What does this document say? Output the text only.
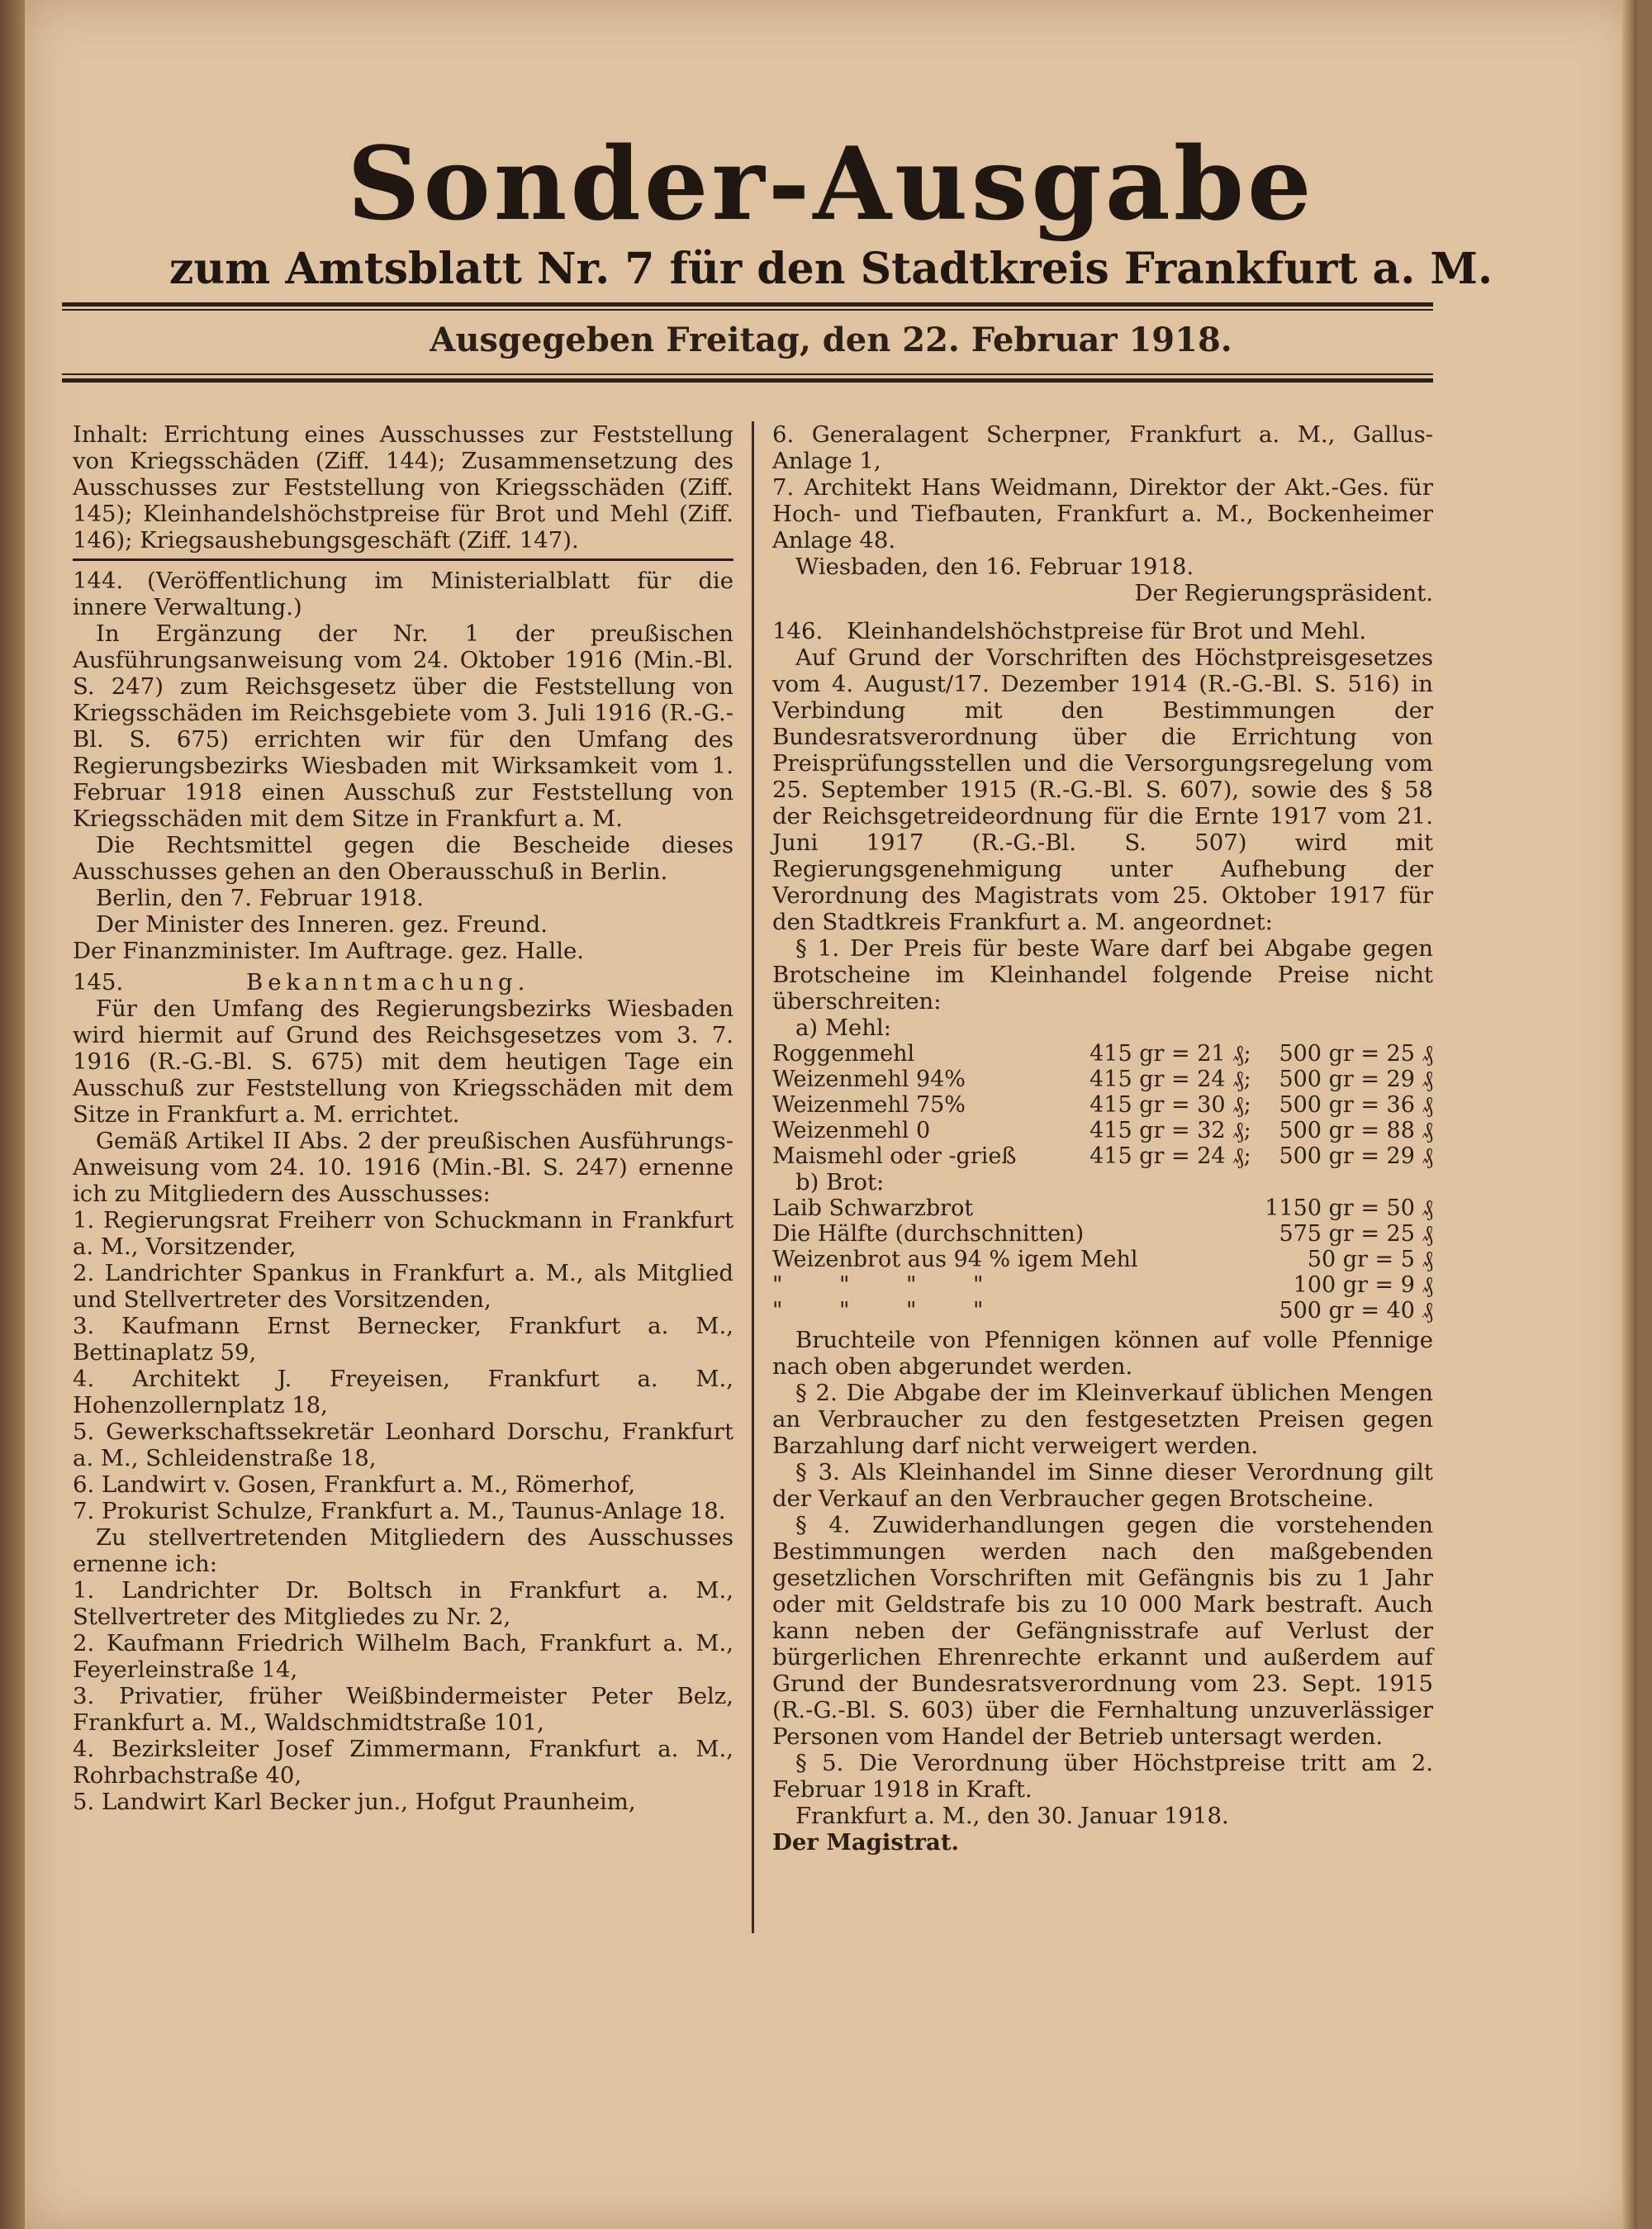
Sonder-Ausgabe
zum Amtsblatt Nr. 7 für den Stadtkreis Frankfurt a. M.
Ausgegeben Freitag, den 22. Februar 1918.

Inhalt: Errichtung eines Ausschusses zur Feststellung von Kriegsschäden (Ziff. 144); Zusammensetzung des Ausschusses zur Feststellung von Kriegsschäden (Ziff. 145); Kleinhandelshöchstpreise für Brot und Mehl (Ziff. 146); Kriegsaushebungsgeschäft (Ziff. 147).

144. (Veröffentlichung im Ministerialblatt für die innere Verwaltung.)

In Ergänzung der Nr. 1 der preußischen Ausführungsanweisung vom 24. Oktober 1916 (Min.-Bl. S. 247) zum Reichsgesetz über die Feststellung von Kriegsschäden im Reichsgebiete vom 3. Juli 1916 (R.-G.-Bl. S. 675) errichten wir für den Umfang des Regierungsbezirks Wiesbaden mit Wirksamkeit vom 1. Februar 1918 einen Ausschuß zur Feststellung von Kriegsschäden mit dem Sitze in Frankfurt a. M.

Die Rechtsmittel gegen die Bescheide dieses Ausschusses gehen an den Oberausschuß in Berlin.

Berlin, den 7. Februar 1918.

Der Minister des Inneren. gez. Freund.

Der Finanzminister. Im Auftrage. gez. Halle.

145.	Bekanntmachung.

Für den Umfang des Regierungsbezirks Wiesbaden wird hiermit auf Grund des Reichsgesetzes vom 3. 7. 1916 (R.-G.-Bl. S. 675) mit dem heutigen Tage ein Ausschuß zur Feststellung von Kriegsschäden mit dem Sitze in Frankfurt a. M. errichtet.

Gemäß Artikel II Abs. 2 der preußischen Ausführungs-Anweisung vom 24. 10. 1916 (Min.-Bl. S. 247) ernenne ich zu Mitgliedern des Ausschusses:

1. Regierungsrat Freiherr von Schuckmann in Frankfurt a. M., Vorsitzender,

2. Landrichter Spankus in Frankfurt a. M., als Mitglied und Stellvertreter des Vorsitzenden,

3. Kaufmann Ernst Bernecker, Frankfurt a. M., Bettinaplatz 59,

4. Architekt J. Freyeisen, Frankfurt a. M., Hohenzollernplatz 18,

5. Gewerkschaftssekretär Leonhard Dorschu, Frankfurt a. M., Schleidenstraße 18,

6. Landwirt v. Gosen, Frankfurt a. M., Römerhof,

7. Prokurist Schulze, Frankfurt a. M., Taunus-Anlage 18.

Zu stellvertretenden Mitgliedern des Ausschusses ernenne ich:

1. Landrichter Dr. Boltsch in Frankfurt a. M., Stellvertreter des Mitgliedes zu Nr. 2,

2. Kaufmann Friedrich Wilhelm Bach, Frankfurt a. M., Feyerleinstraße 14,

3. Privatier, früher Weißbindermeister Peter Belz, Frankfurt a. M., Waldschmidtstraße 101,

4. Bezirksleiter Josef Zimmermann, Frankfurt a. M., Rohrbachstraße 40,

5. Landwirt Karl Becker jun., Hofgut Praunheim,

6. Generalagent Scherpner, Frankfurt a. M., Gallus-Anlage 1,

7. Architekt Hans Weidmann, Direktor der Akt.-Ges. für Hoch- und Tiefbauten, Frankfurt a. M., Bockenheimer Anlage 48.

Wiesbaden, den 16. Februar 1918.

Der Regierungspräsident.

146. Kleinhandelshöchstpreise für Brot und Mehl.

Auf Grund der Vorschriften des Höchstpreisgesetzes vom 4. August/17. Dezember 1914 (R.-G.-Bl. S. 516) in Verbindung mit den Bestimmungen der Bundesratsverordnung über die Errichtung von Preisprüfungsstellen und die Versorgungsregelung vom 25. September 1915 (R.-G.-Bl. S. 607), sowie des § 58 der Reichsgetreideordnung für die Ernte 1917 vom 21. Juni 1917 (R.-G.-Bl. S. 507) wird mit Regierungsgenehmigung unter Aufhebung der Verordnung des Magistrats vom 25. Oktober 1917 für den Stadtkreis Frankfurt a. M. angeordnet:

§ 1. Der Preis für beste Ware darf bei Abgabe gegen Brotscheine im Kleinhandel folgende Preise nicht überschreiten:

a) Mehl:

Roggenmehl	415 gr = 21 ₰;	500 gr = 25 ₰
Weizenmehl 94%	415 gr = 24 ₰;	500 gr = 29 ₰
Weizenmehl 75%	415 gr = 30 ₰;	500 gr = 36 ₰
Weizenmehl 0	415 gr = 32 ₰;	500 gr = 88 ₰
Maismehl oder -grieß	415 gr = 24 ₰;	500 gr = 29 ₰

b) Brot:

Laib Schwarzbrot	1150 gr = 50 ₰
Die Hälfte (durchschnitten)	575 gr = 25 ₰
Weizenbrot aus 94 % igem Mehl	50 gr = 5 ₰
" " " "	100 gr = 9 ₰
" " " "	500 gr = 40 ₰

Bruchteile von Pfennigen können auf volle Pfennige nach oben abgerundet werden.

§ 2. Die Abgabe der im Kleinverkauf üblichen Mengen an Verbraucher zu den festgesetzten Preisen gegen Barzahlung darf nicht verweigert werden.

§ 3. Als Kleinhandel im Sinne dieser Verordnung gilt der Verkauf an den Verbraucher gegen Brotscheine.

§ 4. Zuwiderhandlungen gegen die vorstehenden Bestimmungen werden nach den maßgebenden gesetzlichen Vorschriften mit Gefängnis bis zu 1 Jahr oder mit Geldstrafe bis zu 10 000 Mark bestraft. Auch kann neben der Gefängnisstrafe auf Verlust der bürgerlichen Ehrenrechte erkannt und außerdem auf Grund der Bundesratsverordnung vom 23. Sept. 1915 (R.-G.-Bl. S. 603) über die Fernhaltung unzuverlässiger Personen vom Handel der Betrieb untersagt werden.

§ 5. Die Verordnung über Höchstpreise tritt am 2. Februar 1918 in Kraft.

Frankfurt a. M., den 30. Januar 1918.

Der Magistrat.
